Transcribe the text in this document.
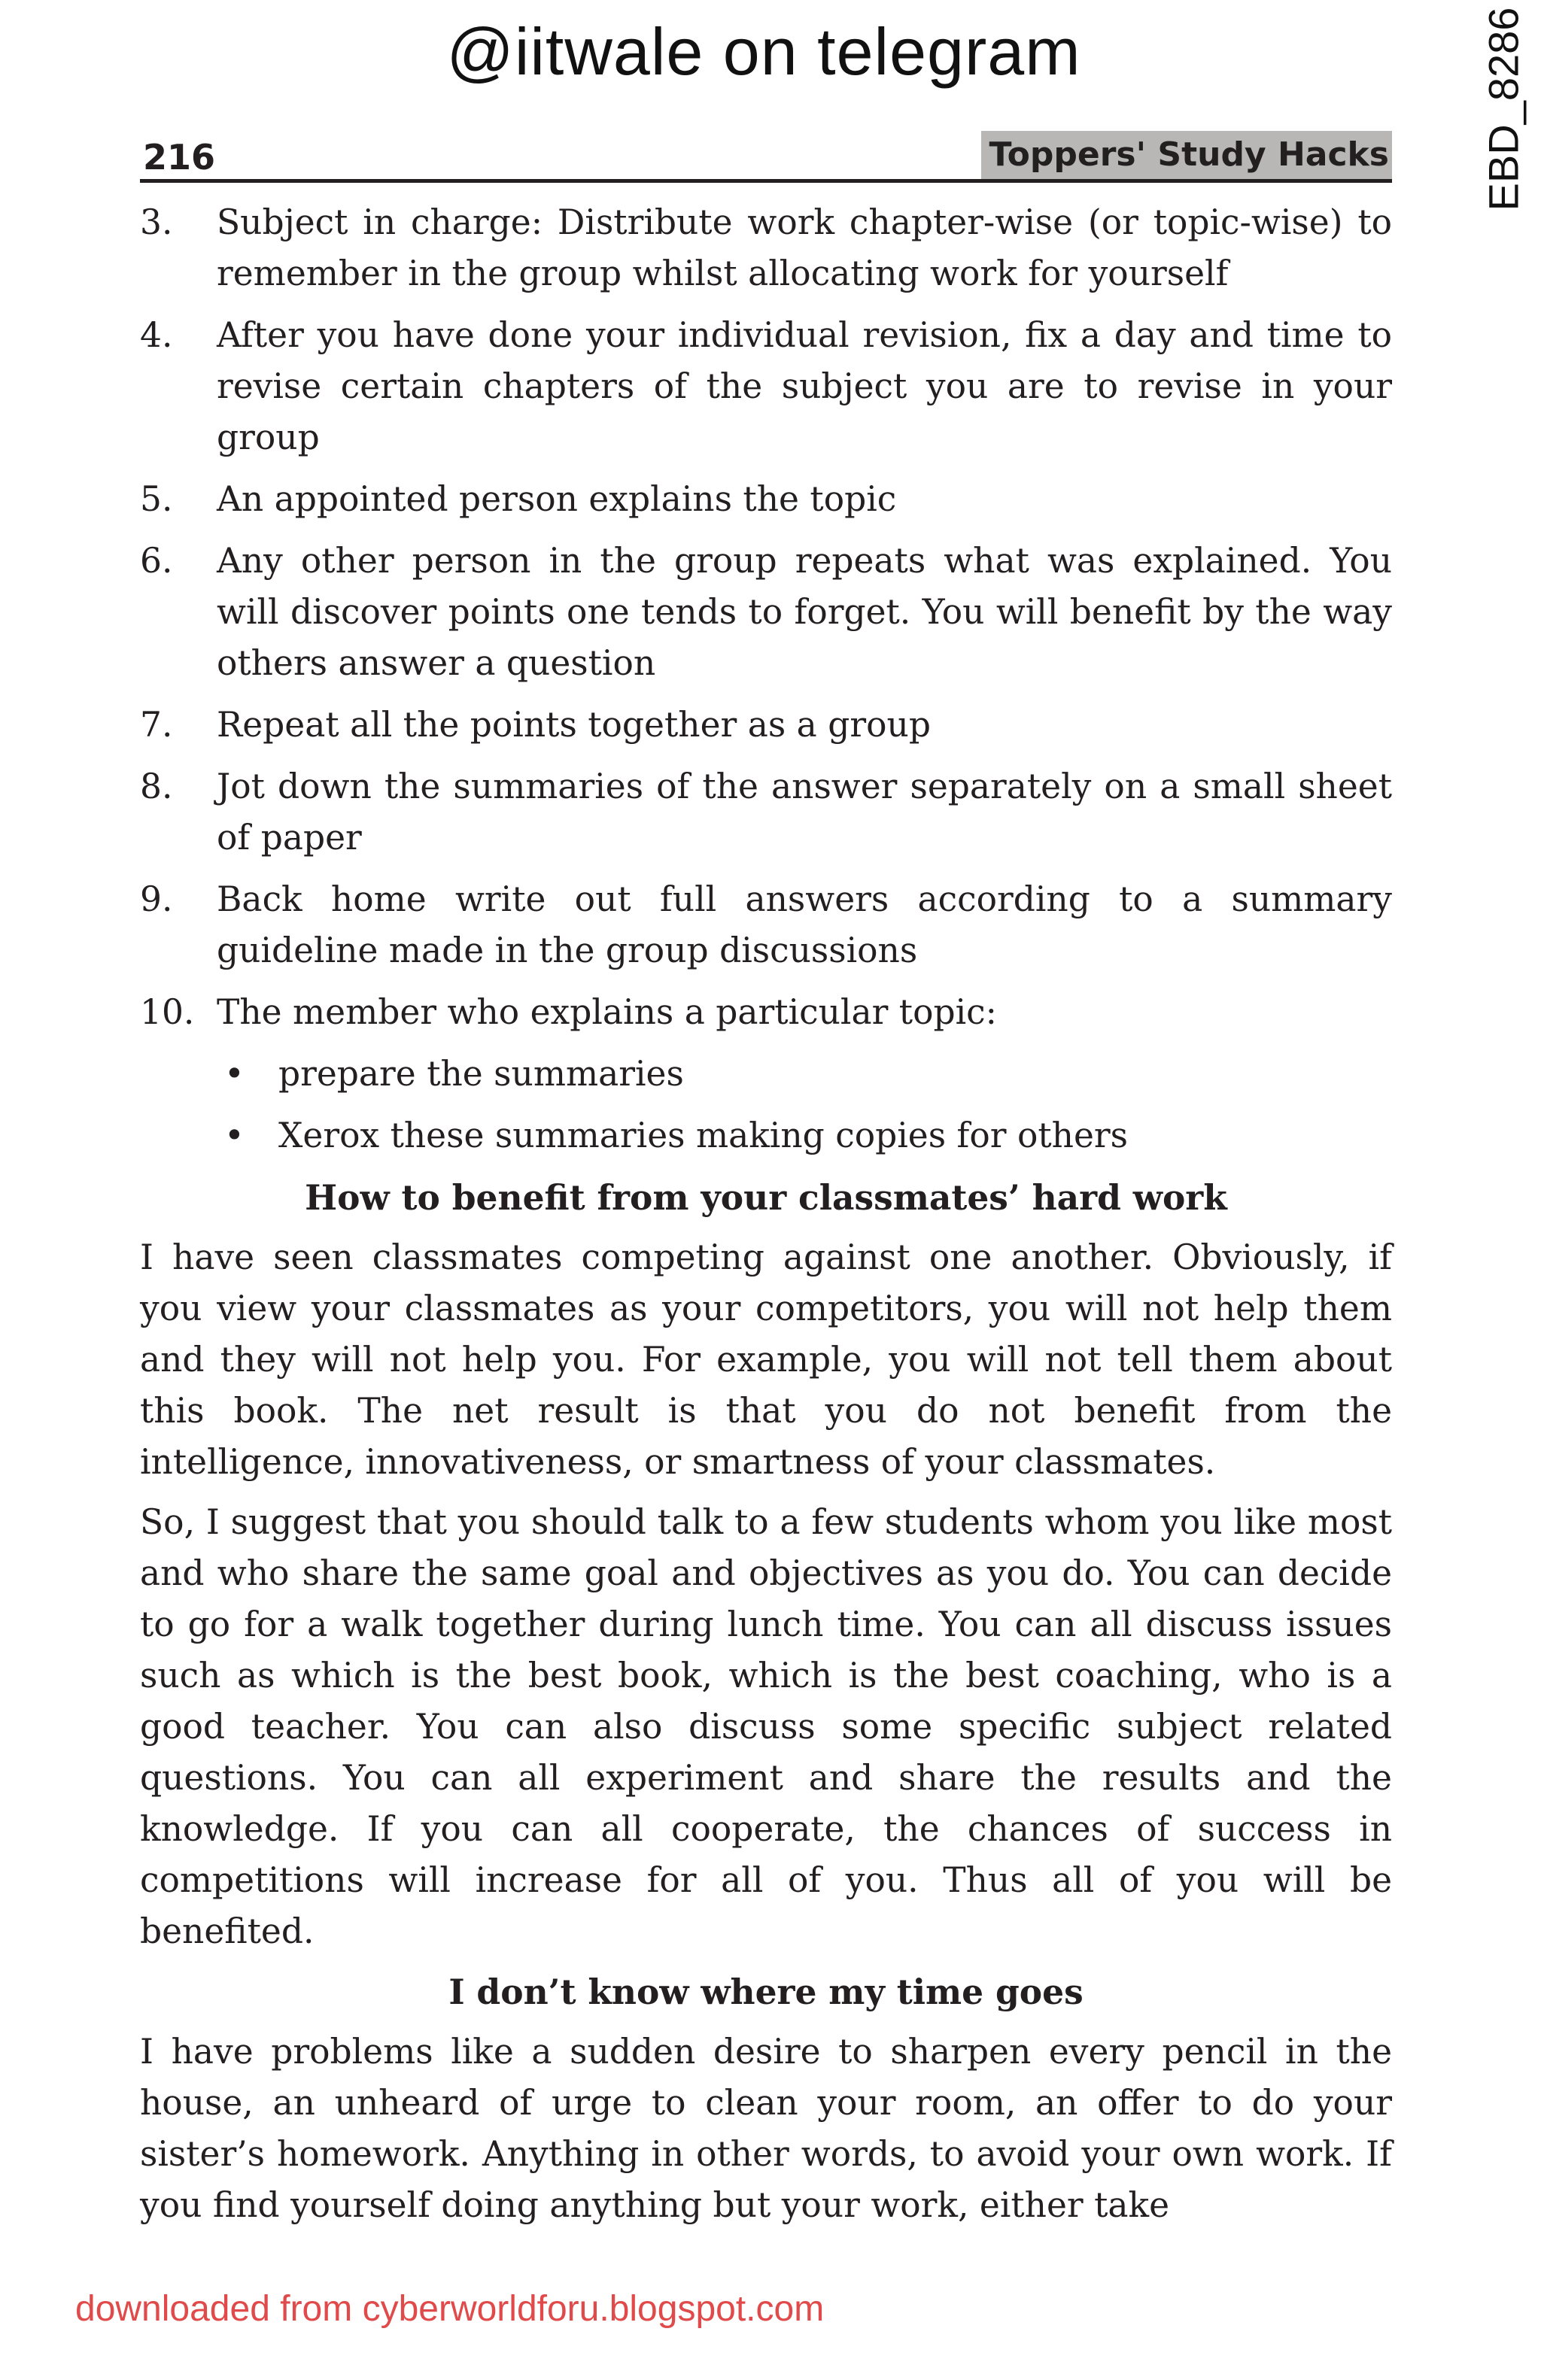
@iitwale on telegram	EBD_8286
216	Toppers' Study Hacks
3. Subject in charge: Distribute work chapter-wise (or topic-wise) to remember in the group whilst allocating work for yourself
4. After you have done your individual revision, fix a day and time to revise certain chapters of the subject you are to revise in your group
5. An appointed person explains the topic
6. Any other person in the group repeats what was explained. You will discover points one tends to forget. You will benefit by the way others answer a question
7. Repeat all the points together as a group
8. Jot down the summaries of the answer separately on a small sheet of paper
9. Back home write out full answers according to a summary guideline made in the group discussions
10. The member who explains a particular topic:
• prepare the summaries
• Xerox these summaries making copies for others
How to benefit from your classmates’ hard work

I have seen classmates competing against one another. Obviously, if you view your classmates as your competitors, you will not help them and they will not help you. For example, you will not tell them about this book. The net result is that you do not benefit from the intelligence, innovativeness, or smartness of your classmates.

So, I suggest that you should talk to a few students whom you like most and who share the same goal and objectives as you do. You can decide to go for a walk together during lunch time. You can all discuss issues such as which is the best book, which is the best coaching, who is a good teacher. You can also discuss some specific subject related questions. You can all experiment and share the results and the knowledge. If you can all cooperate, the chances of success in competitions will increase for all of you. Thus all of you will be benefited.

I don’t know where my time goes

I have problems like a sudden desire to sharpen every pencil in the house, an unheard of urge to clean your room, an offer to do your sister’s homework. Anything in other words, to avoid your own work. If you find yourself doing anything but your work, either take

downloaded from cyberworldforu.blogspot.com
